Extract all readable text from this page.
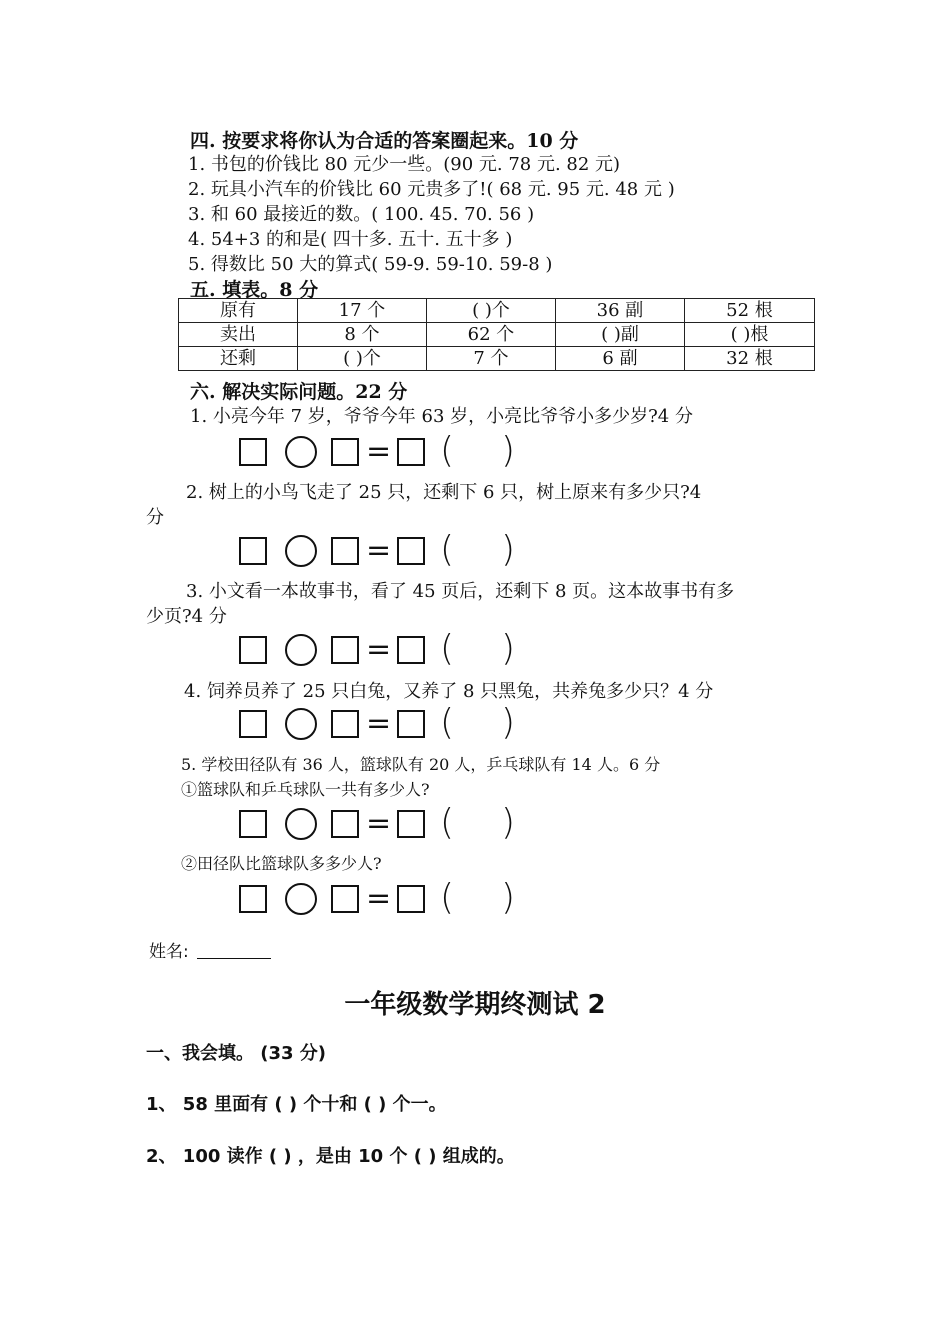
四. 按要求将你认为合适的答案圈起来。10 分
1. 书包的价钱比 80 元少一些。(90 元. 78 元. 82 元)
2. 玩具小汽车的价钱比 60 元贵多了!( 68 元. 95 元. 48 元 )
3. 和 60 最接近的数。( 100. 45. 70. 56 )
4. 54+3 的和是( 四十多. 五十. 五十多 )
5. 得数比 50 大的算式( 59-9. 59-10. 59-8 )
五. 填表。8 分
原有	17 个	( )个	36 副	52 根
卖出	8 个	62 个	( )副	( )根
还剩	( )个	7 个	6 副	32 根
六. 解决实际问题。22 分
1. 小亮今年 7 岁，爷爷今年 63 岁，小亮比爷爷小多少岁?4 分
= ( )
2. 树上的小鸟飞走了 25 只，还剩下 6 只，树上原来有多少只?4
分
= ( )
3. 小文看一本故事书，看了 45 页后，还剩下 8 页。这本故事书有多
少页?4 分
= ( )
4. 饲养员养了 25 只白兔，又养了 8 只黑兔，共养兔多少只？4 分
= ( )
5. 学校田径队有 36 人，篮球队有 20 人，乒乓球队有 14 人。6 分
①篮球队和乒乓球队一共有多少人?
= ( )
②田径队比篮球队多多少人?
= ( )
姓名:
一年级数学期终测试 2
一、我会填。 (33 分)
1、 58 里面有 ( ) 个十和 ( ) 个一。
2、 100 读作 ( ) ，是由 10 个 ( ) 组成的。
